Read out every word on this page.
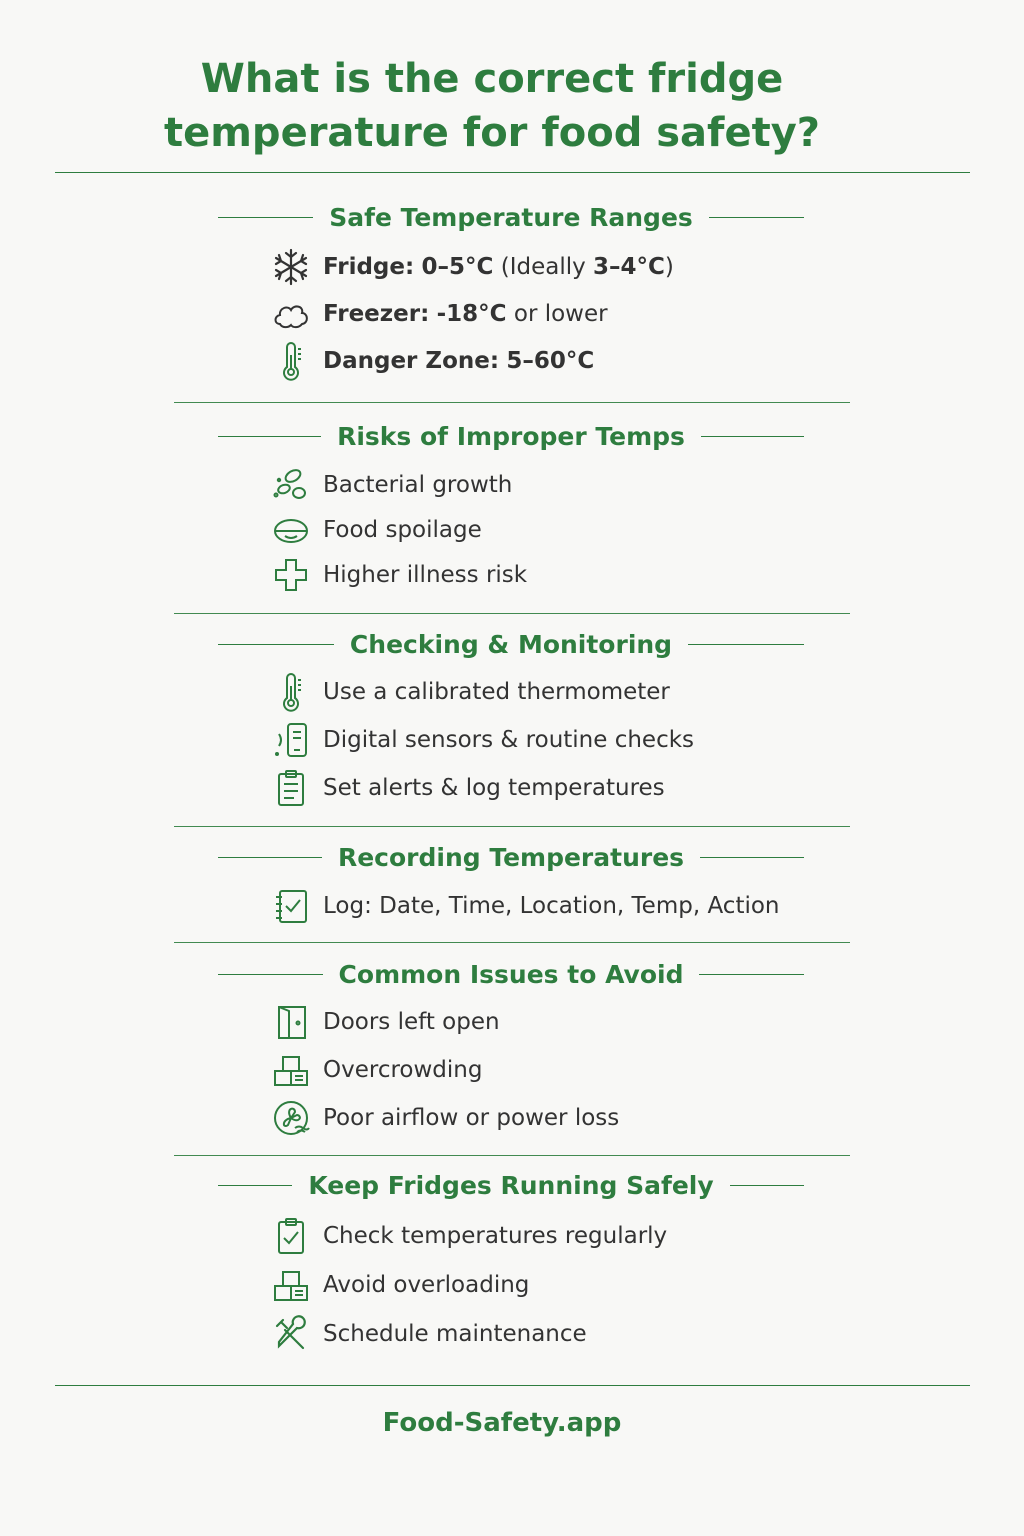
What is the correct fridge
temperature for food safety?
Safe Temperature Ranges
Fridge: 0–5°C (Ideally 3–4°C)
Freezer: -18°C or lower
Danger Zone: 5–60°C
Risks of Improper Temps
Bacterial growth
Food spoilage
Higher illness risk
Checking & Monitoring
Use a calibrated thermometer
Digital sensors & routine checks
Set alerts & log temperatures
Recording Temperatures
Log: Date, Time, Location, Temp, Action
Common Issues to Avoid
Doors left open
Overcrowding
Poor airflow or power loss
Keep Fridges Running Safely
Check temperatures regularly
Avoid overloading
Schedule maintenance
Food-Safety.app
